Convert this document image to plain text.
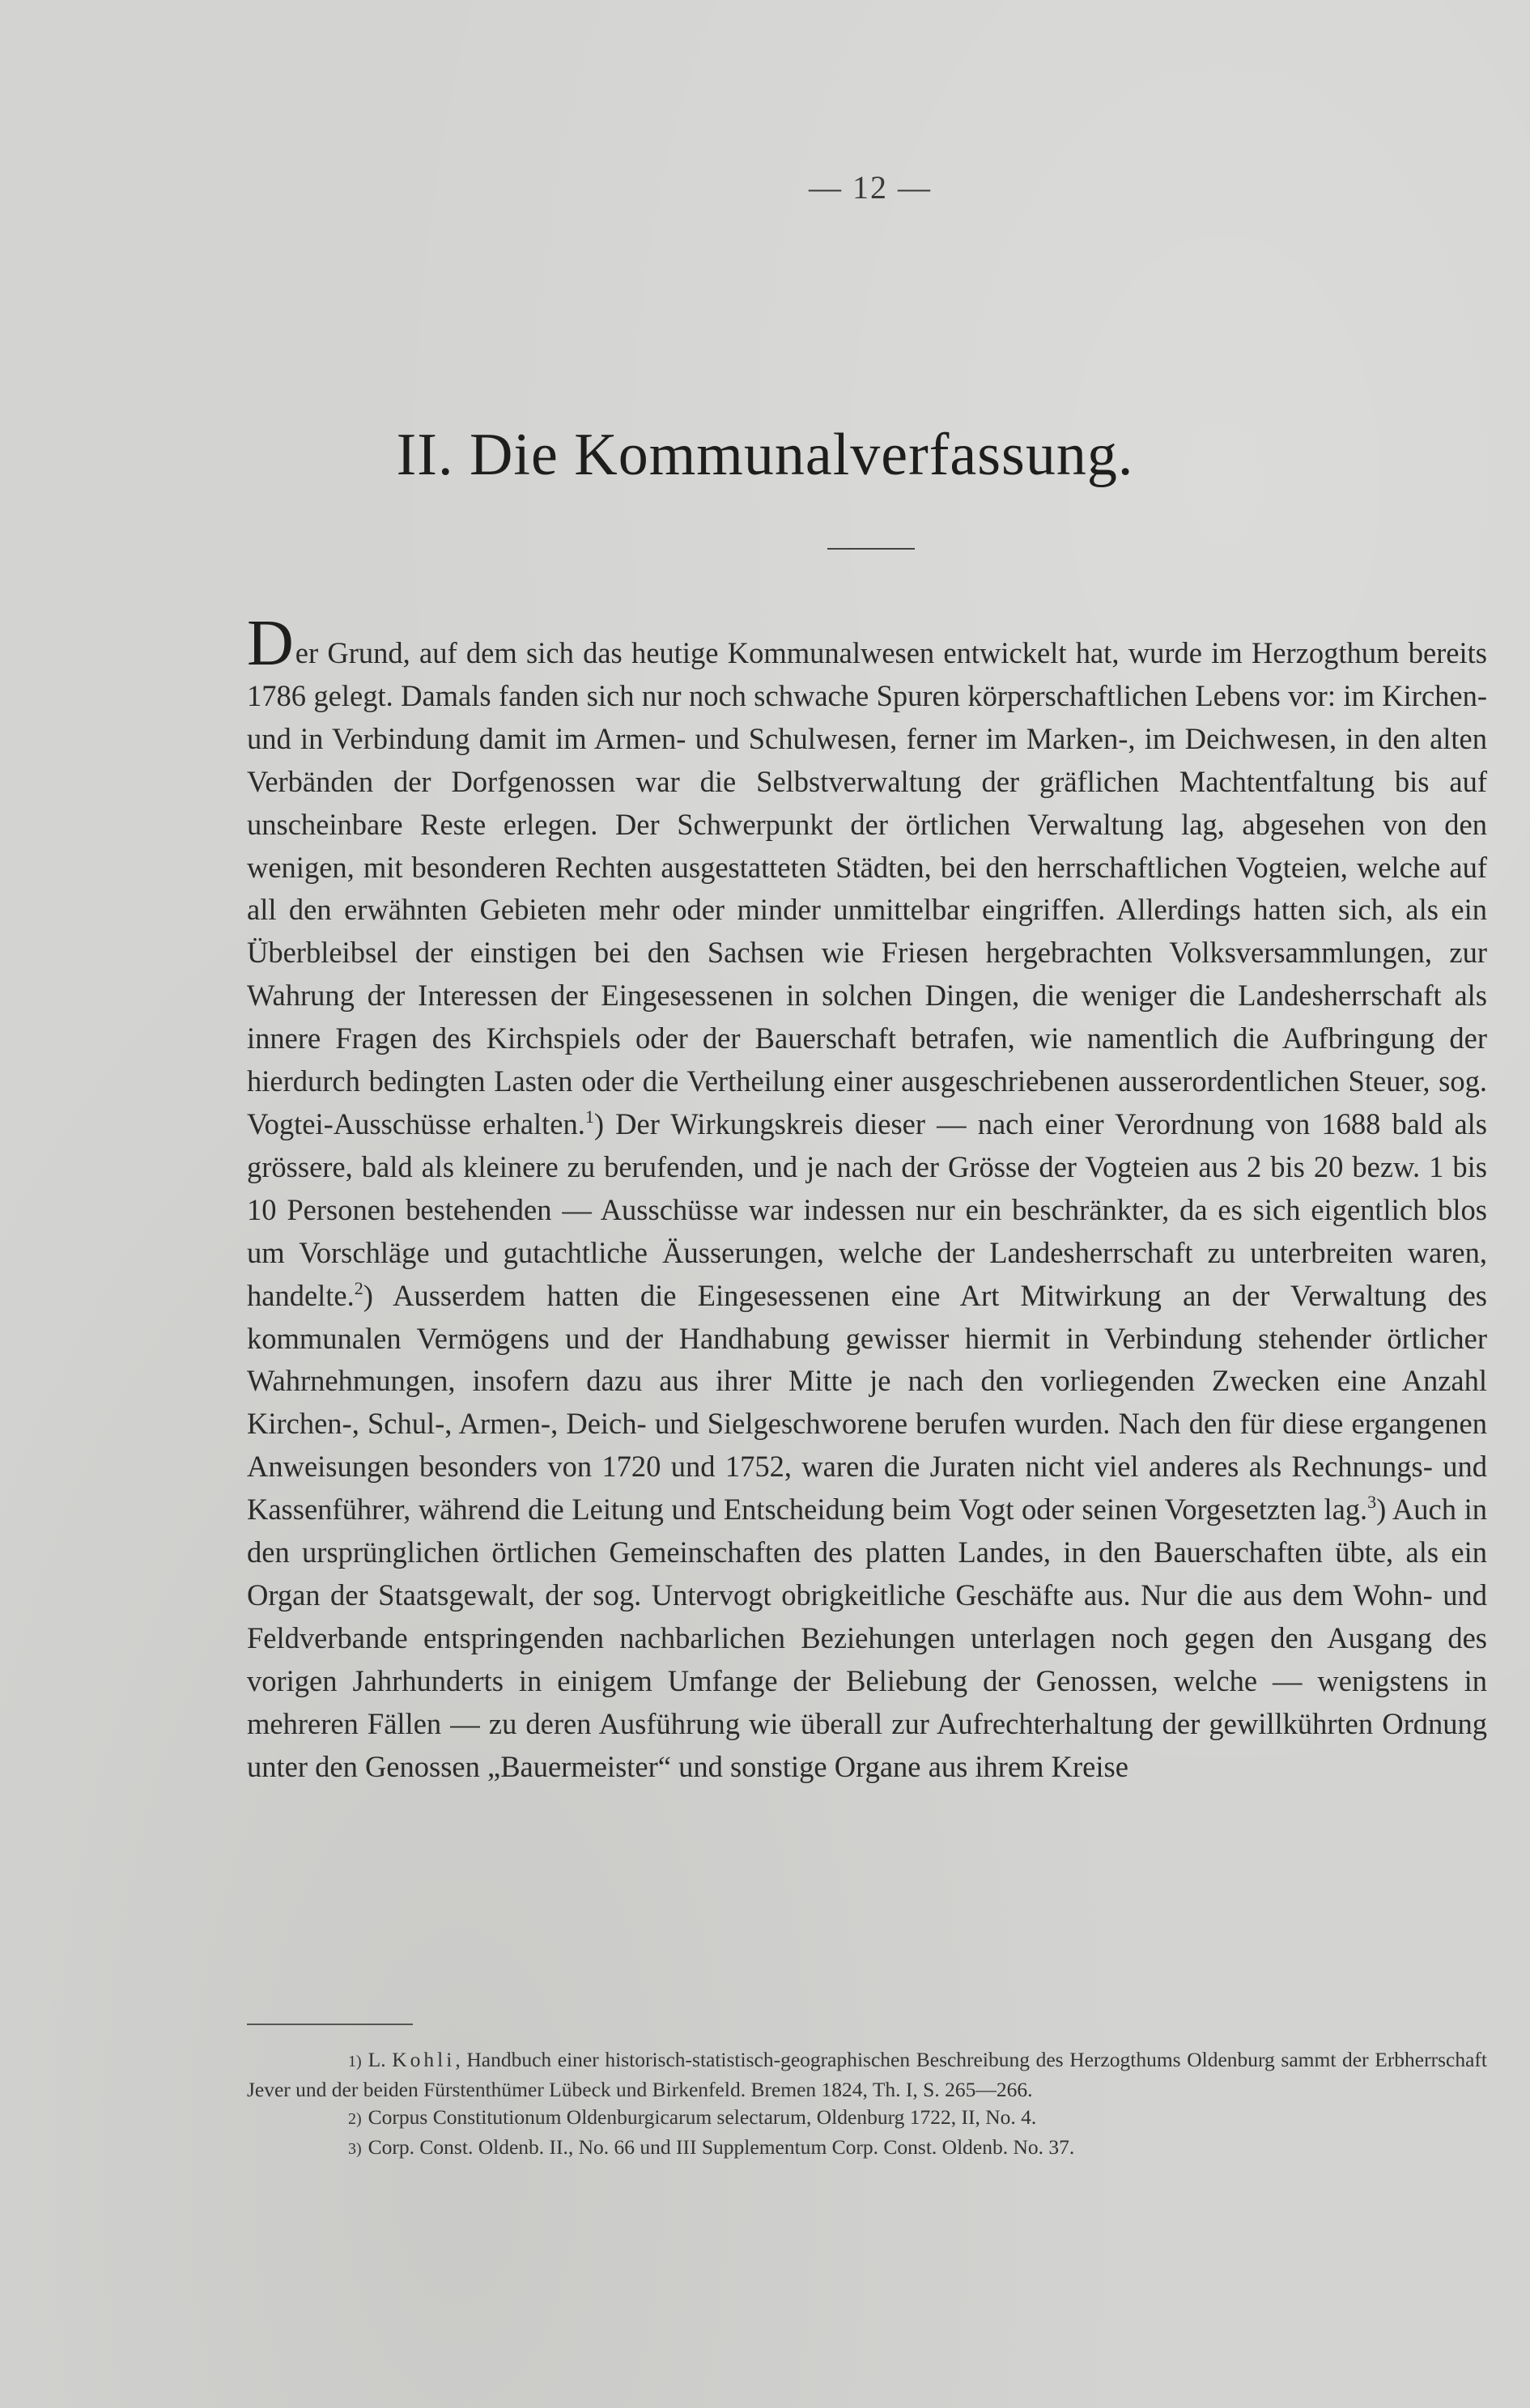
— 12 —
II. Die Kommunalverfassung.

Der Grund, auf dem sich das heutige Kommunalwesen entwickelt hat, wurde im Herzogthum bereits 1786 gelegt. Damals fanden sich nur noch schwache Spuren körperschaftlichen Lebens vor: im Kirchen- und in Verbindung damit im Armen- und Schulwesen, ferner im Marken-, im Deichwesen, in den alten Verbänden der Dorfgenossen war die Selbstverwaltung der gräflichen Machtentfaltung bis auf unscheinbare Reste erlegen. Der Schwerpunkt der örtlichen Verwaltung lag, abgesehen von den wenigen, mit besonderen Rechten ausgestatteten Städten, bei den herrschaftlichen Vogteien, welche auf all den erwähnten Gebieten mehr oder minder unmittelbar eingriffen. Allerdings hatten sich, als ein Überbleibsel der einstigen bei den Sachsen wie Friesen hergebrachten Volksversammlungen, zur Wahrung der Interessen der Eingesessenen in solchen Dingen, die weniger die Landesherrschaft als innere Fragen des Kirchspiels oder der Bauerschaft betrafen, wie namentlich die Aufbringung der hierdurch bedingten Lasten oder die Vertheilung einer ausgeschriebenen ausserordentlichen Steuer, sog. Vogtei-Ausschüsse erhalten.$^1$) Der Wirkungskreis dieser — nach einer Verordnung von 1688 bald als grössere, bald als kleinere zu berufenden, und je nach der Grösse der Vogteien aus 2 bis 20 bezw. 1 bis 10 Personen bestehenden — Ausschüsse war indessen nur ein beschränkter, da es sich eigentlich blos um Vorschläge und gutachtliche Äusserungen, welche der Landesherrschaft zu unterbreiten waren, handelte.$^2$) Ausserdem hatten die Eingesessenen eine Art Mitwirkung an der Verwaltung des kommunalen Vermögens und der Handhabung gewisser hiermit in Verbindung stehender örtlicher Wahrnehmungen, insofern dazu aus ihrer Mitte je nach den vorliegenden Zwecken eine Anzahl Kirchen-, Schul-, Armen-, Deich- und Sielgeschworene berufen wurden. Nach den für diese ergangenen Anweisungen besonders von 1720 und 1752, waren die Juraten nicht viel anderes als Rechnungs- und Kassenführer, während die Leitung und Entscheidung beim Vogt oder seinen Vorgesetzten lag.$^3$) Auch in den ursprünglichen örtlichen Gemeinschaften des platten Landes, in den Bauerschaften übte, als ein Organ der Staatsgewalt, der sog. Untervogt obrigkeitliche Geschäfte aus. Nur die aus dem Wohn- und Feldverbande entspringenden nachbarlichen Beziehungen unterlagen noch gegen den Ausgang des vorigen Jahrhunderts in einigem Umfange der Beliebung der Genossen, welche — wenigstens in mehreren Fällen — zu deren Ausführung wie überall zur Aufrechterhaltung der gewillkührten Ordnung unter den Genossen „Bauermeister“ und sonstige Organe aus ihrem Kreise

1) L. Kohli, Handbuch einer historisch-statistisch-geographischen Beschreibung des Herzogthums Oldenburg sammt der Erbherrschaft Jever und der beiden Fürstenthümer Lübeck und Birkenfeld. Bremen 1824, Th. I, S. 265—266.

2) Corpus Constitutionum Oldenburgicarum selectarum, Oldenburg 1722, II, No. 4.

3) Corp. Const. Oldenb. II., No. 66 und III Supplementum Corp. Const. Oldenb. No. 37.
